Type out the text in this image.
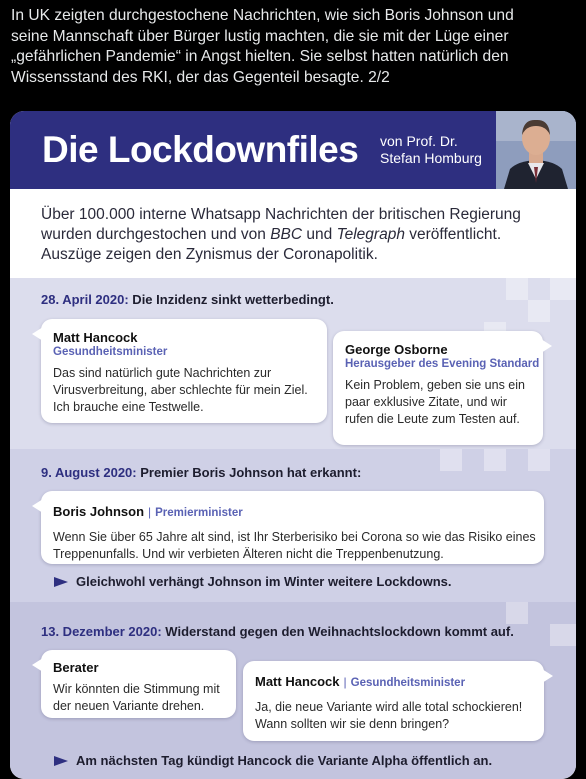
In UK zeigten durchgestochene Nachrichten, wie sich Boris Johnson und
seine Mannschaft über Bürger lustig machten, die sie mit der Lüge einer
„gefährlichen Pandemie“ in Angst hielten. Sie selbst hatten natürlich den
Wissensstand des RKI, der das Gegenteil besagte. 2/2
Die Lockdownfiles von Prof. Dr.
Stefan Homburg
Über 100.000 interne Whatsapp Nachrichten der britischen Regierung
wurden durchgestochen und von BBC und Telegraph veröffentlicht.
Auszüge zeigen den Zynismus der Coronapolitik.
28. April 2020: Die Inzidenz sinkt wetterbedingt.
Matt Hancock
Gesundheitsminister
Das sind natürlich gute Nachrichten zur
Virusverbreitung, aber schlechte für mein Ziel.
Ich brauche eine Testwelle.
George Osborne
Herausgeber des Evening Standard
Kein Problem, geben sie uns ein
paar exklusive Zitate, und wir
rufen die Leute zum Testen auf.
9. August 2020: Premier Boris Johnson hat erkannt:
Boris Johnson | Premierminister
Wenn Sie über 65 Jahre alt sind, ist Ihr Sterberisiko bei Corona so wie das Risiko eines
Treppenunfalls. Und wir verbieten Älteren nicht die Treppenbenutzung.
Gleichwohl verhängt Johnson im Winter weitere Lockdowns.
13. Dezember 2020: Widerstand gegen den Weihnachtslockdown kommt auf.
Berater
Wir könnten die Stimmung mit
der neuen Variante drehen.
Matt Hancock | Gesundheitsminister
Ja, die neue Variante wird alle total schockieren!
Wann sollten wir sie denn bringen?
Am nächsten Tag kündigt Hancock die Variante Alpha öffentlich an.
